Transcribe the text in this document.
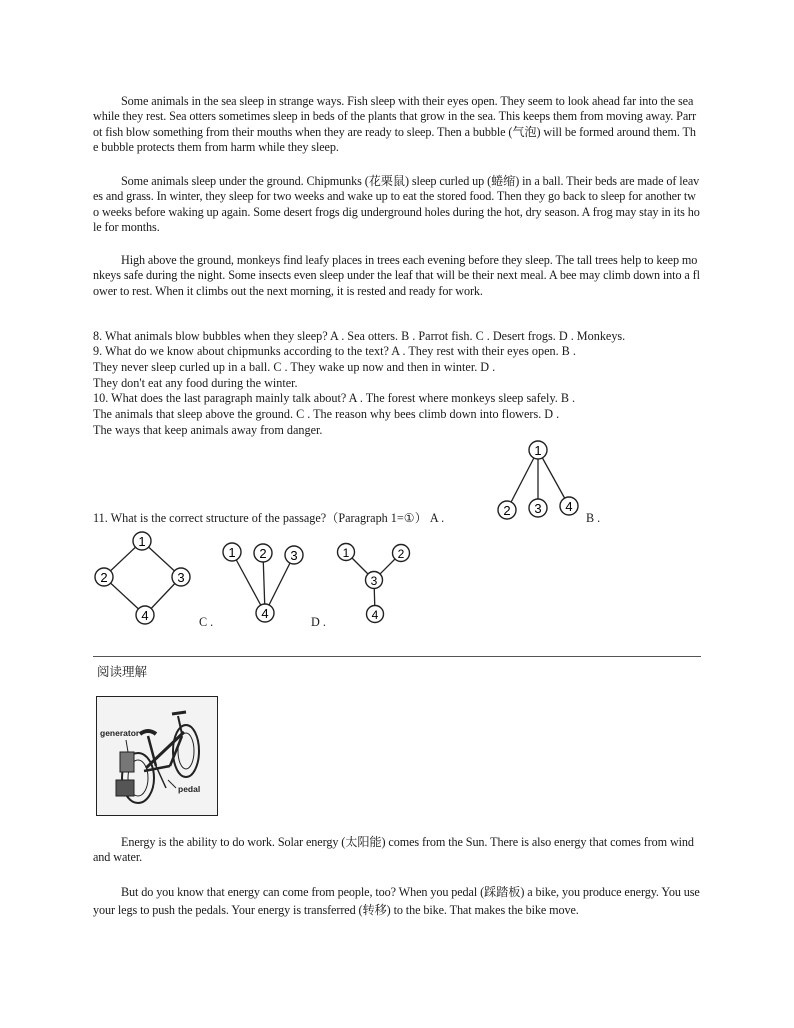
Some animals in the sea sleep in strange ways. Fish sleep with their eyes open. They seem to look ahead far into the sea while they rest. Sea otters sometimes sleep in beds of the plants that grow in the sea. This keeps them from moving away. Parrot fish blow something from their mouths when they are ready to sleep. Then a bubble (气泡) will be formed around them. The bubble protects them from harm while they sleep.
Some animals sleep under the ground. Chipmunks (花栗鼠) sleep curled up (蜷缩) in a ball. Their beds are made of leaves and grass. In winter, they sleep for two weeks and wake up to eat the stored food. Then they go back to sleep for another two weeks before waking up again. Some desert frogs dig underground holes during the hot, dry season. A frog may stay in its hole for months.
High above the ground, monkeys find leafy places in trees each evening before they sleep. The tall trees help to keep monkeys safe during the night. Some insects even sleep under the leaf that will be their next meal. A bee may climb down into a flower to rest. When it climbs out the next morning, it is rested and ready for work.
8. What animals blow bubbles when they sleep? A . Sea otters. B . Parrot fish. C . Desert frogs. D . Monkeys.
9. What do we know about chipmunks according to the text? A . They rest with their eyes open. B .
They never sleep curled up in a ball. C . They wake up now and then in winter. D .
They don't eat any food during the winter.
10. What does the last paragraph mainly talk about? A . The forest where monkeys sleep safely. B .
The animals that sleep above the ground. C . The reason why bees climb down into flowers. D .
The ways that keep animals away from danger.
11. What is the correct structure of the passage?（Paragraph 1=①） A .	B .
C .	D .
1
2 3 4
1
2	3
4
1 2 3
4
1	2
3
4
阅读理解
generator
pedal
Energy is the ability to do work. Solar energy (太阳能) comes from the Sun. There is also energy that comes from wind and water.
But do you know that energy can come from people, too? When you pedal (踩踏板) a bike, you produce energy. You use your legs to push the pedals. Your energy is transferred (转移) to the bike. That makes the bike move.
